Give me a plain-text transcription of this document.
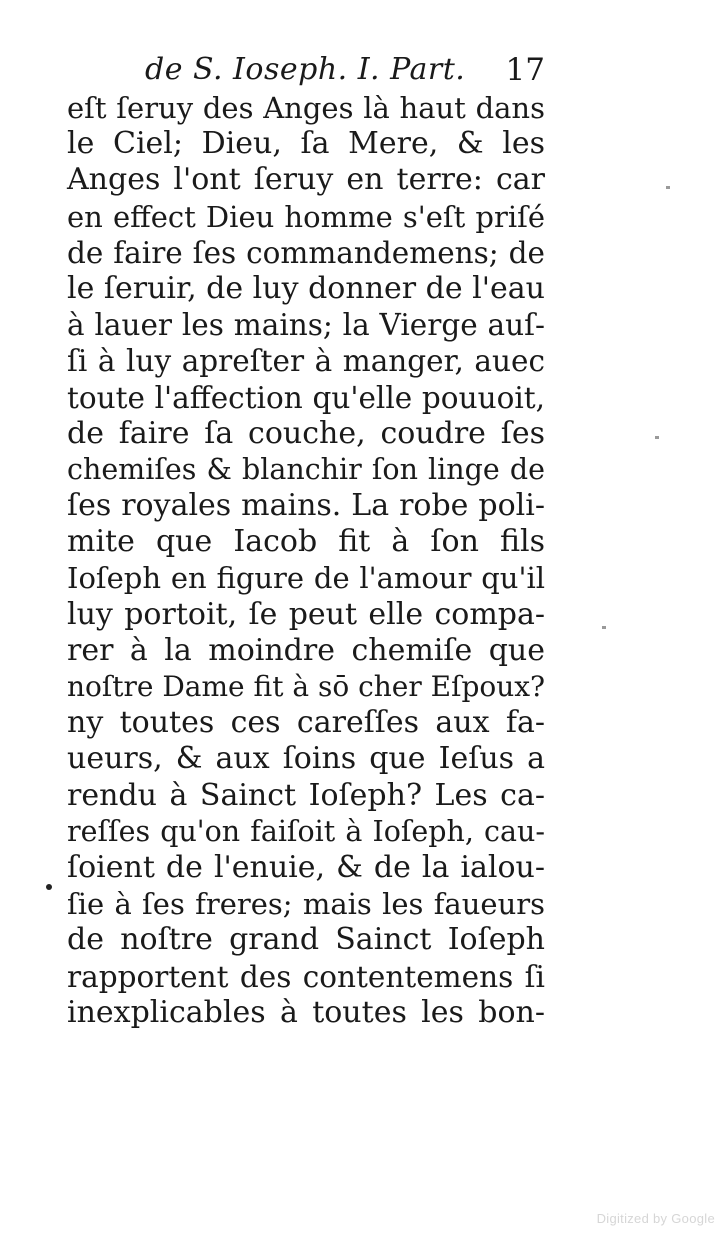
de S. Ioseph. I. Part. 17
eſt ſeruy des Anges là haut dans
le Ciel; Dieu, ſa Mere, & les
Anges l'ont ſeruy en terre: car
en effect Dieu homme s'eſt priſé
de faire ſes commandemens; de
le ſeruir, de luy donner de l'eau
à lauer les mains; la Vierge auſ-
ſi à luy apreſter à manger, auec
toute l'affection qu'elle pouuoit,
de faire ſa couche, coudre ſes
chemiſes & blanchir ſon linge de
ſes royales mains. La robe poli-
mite que Iacob fit à ſon fils
Ioſeph en figure de l'amour qu'il
luy portoit, ſe peut elle compa-
rer à la moindre chemiſe que
noſtre Dame fit à sō cher Eſpoux?
ny toutes ces careſſes aux fa-
ueurs, & aux ſoins que Ieſus a
rendu à Sainct Ioſeph? Les ca-
reſſes qu'on faiſoit à Ioſeph, cau-
ſoient de l'enuie, & de la ialou-
ſie à ſes freres; mais les faueurs
de noſtre grand Sainct Ioſeph
rapportent des contentemens ſi
inexplicables à toutes les bon-
Digitized by Google
